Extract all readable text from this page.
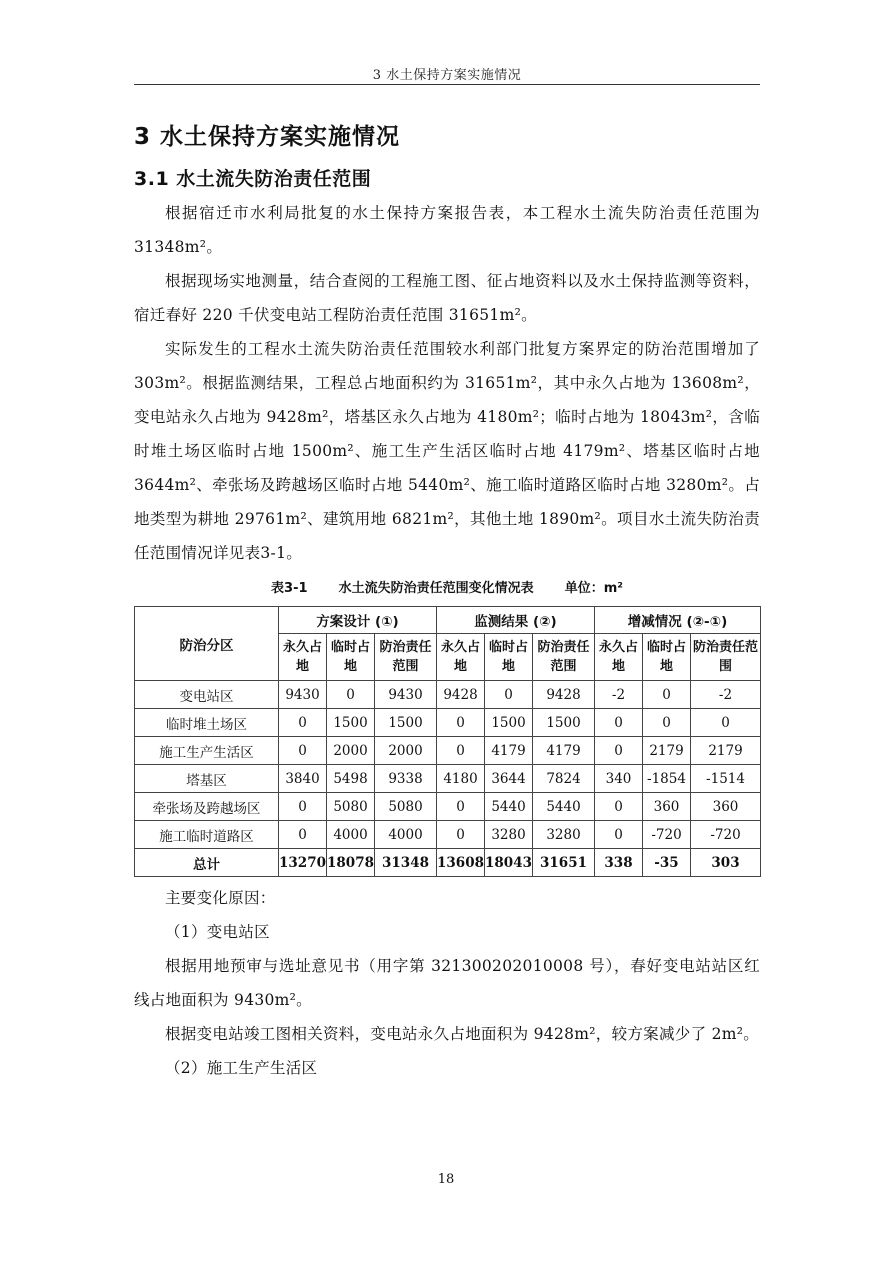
3 水土保持方案实施情况
3 水土保持方案实施情况
3.1 水土流失防治责任范围

根据宿迁市水利局批复的水土保持方案报告表，本工程水土流失防治责任范围为31348m²。

根据现场实地测量，结合查阅的工程施工图、征占地资料以及水土保持监测等资料，宿迁春好 220 千伏变电站工程防治责任范围 31651m²。

实际发生的工程水土流失防治责任范围较水利部门批复方案界定的防治范围增加了 303m²。根据监测结果，工程总占地面积约为 31651m²，其中永久占地为 13608m²，变电站永久占地为 9428m²，塔基区永久占地为 4180m²；临时占地为 18043m²，含临时堆土场区临时占地 1500m²、施工生产生活区临时占地 4179m²、塔基区临时占地 3644m²、牵张场及跨越场区临时占地 5440m²、施工临时道路区临时占地 3280m²。占地类型为耕地 29761m²、建筑用地 6821m²，其他土地 1890m²。项目水土流失防治责任范围情况详见表3-1。

表3-1 水土流失防治责任范围变化情况表 单位：m²
防治分区	方案设计 (①)			监测结果 (②)			增减情况 (②-①)		
	永久占地	临时占地	防治责任范围	永久占地	临时占地	防治责任范围	永久占地	临时占地	防治责任范围
变电站区	9430	0	9430	9428	0	9428	-2	0	-2
临时堆土场区	0	1500	1500	0	1500	1500	0	0	0
施工生产生活区	0	2000	2000	0	4179	4179	0	2179	2179
塔基区	3840	5498	9338	4180	3644	7824	340	-1854	-1514
牵张场及跨越场区	0	5080	5080	0	5440	5440	0	360	360
施工临时道路区	0	4000	4000	0	3280	3280	0	-720	-720
总计	13270	18078	31348	13608	18043	31651	338	-35	303

主要变化原因：

（1）变电站区

根据用地预审与选址意见书（用字第 321300202010008 号），春好变电站站区红线占地面积为 9430m²。

根据变电站竣工图相关资料，变电站永久占地面积为 9428m²，较方案减少了 2m²。

（2）施工生产生活区

18
